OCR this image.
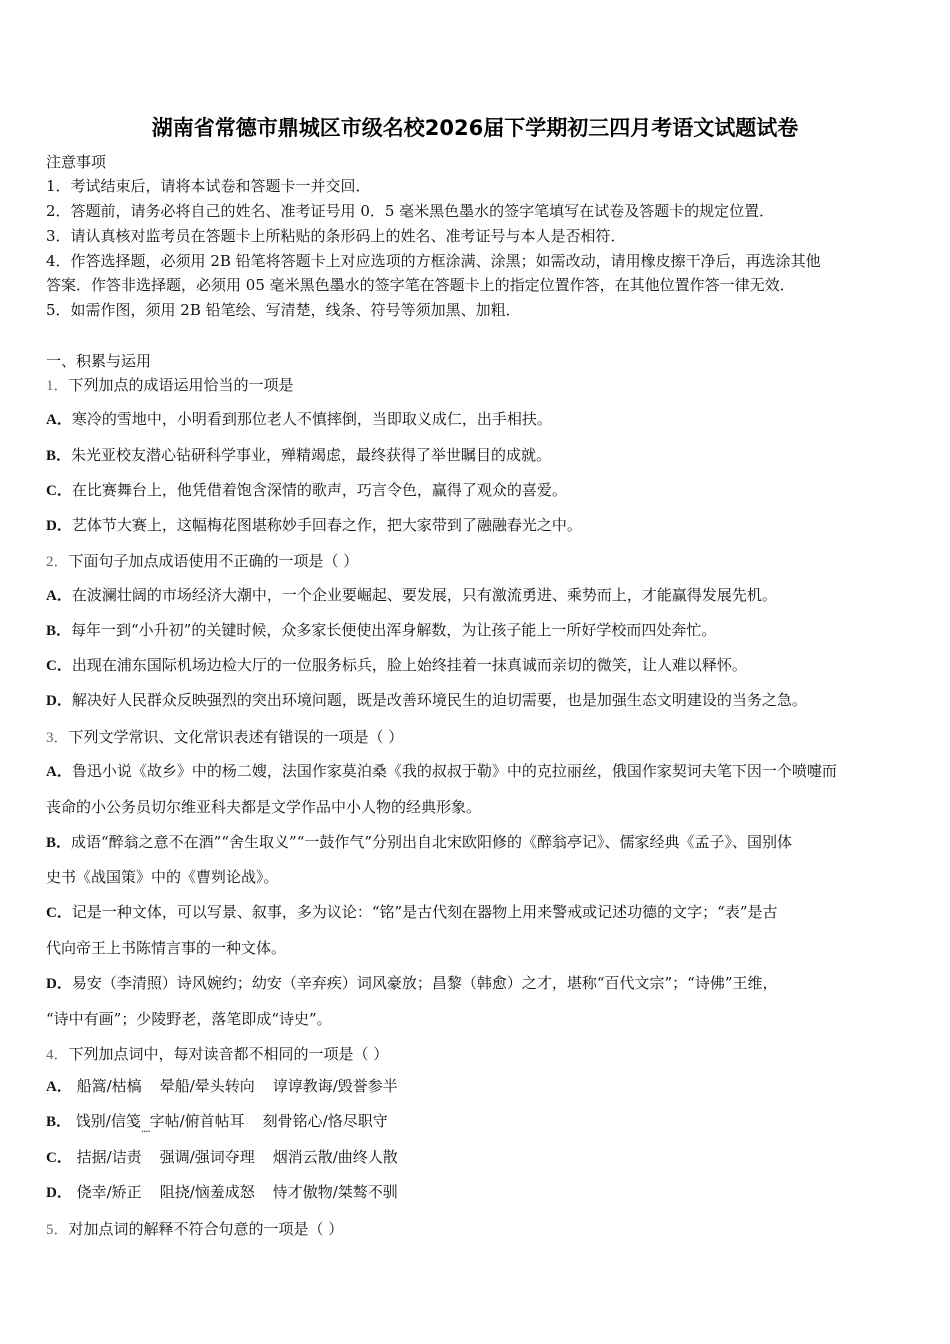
湖南省常德市鼎城区市级名校2026届下学期初三四月考语文试题试卷
注意事项
1．考试结束后，请将本试卷和答题卡一并交回．
2．答题前，请务必将自己的姓名、准考证号用 0．5 毫米黑色墨水的签字笔填写在试卷及答题卡的规定位置．
3．请认真核对监考员在答题卡上所粘贴的条形码上的姓名、准考证号与本人是否相符．
4．作答选择题，必须用 2B 铅笔将答题卡上对应选项的方框涂满、涂黑；如需改动，请用橡皮擦干净后，再选涂其他
答案．作答非选择题，必须用 05 毫米黑色墨水的签字笔在答题卡上的指定位置作答，在其他位置作答一律无效．
5．如需作图，须用 2B 铅笔绘、写清楚，线条、符号等须加黑、加粗．
一、积累与运用
1．下列加点的成语运用恰当的一项是
A．寒冷的雪地中，小明看到那位老人不慎摔倒，当即取义成仁，出手相扶。
B．朱光亚校友潜心钻研科学事业，殚精竭虑，最终获得了举世瞩目的成就。
C．在比赛舞台上，他凭借着饱含深情的歌声，巧言令色，赢得了观众的喜爱。
D．艺体节大赛上，这幅梅花图堪称妙手回春之作，把大家带到了融融春光之中。
2．下面句子加点成语使用不正确的一项是（ ）
A．在波澜壮阔的市场经济大潮中，一个企业要崛起、要发展，只有激流勇进、乘势而上，才能赢得发展先机。
B．每年一到“小升初”的关键时候，众多家长便使出浑身解数，为让孩子能上一所好学校而四处奔忙。
C．出现在浦东国际机场边检大厅的一位服务标兵，脸上始终挂着一抹真诚而亲切的微笑，让人难以释怀。
D．解决好人民群众反映强烈的突出环境问题，既是改善环境民生的迫切需要，也是加强生态文明建设的当务之急。
3．下列文学常识、文化常识表述有错误的一项是（ ）
A．鲁迅小说《故乡》中的杨二嫂，法国作家莫泊桑《我的叔叔于勒》中的克拉丽丝，俄国作家契诃夫笔下因一个喷嚏而
丧命的小公务员切尔维亚科夫都是文学作品中小人物的经典形象。
B．成语“醉翁之意不在酒”“舍生取义”“一鼓作气”分别出自北宋欧阳修的《醉翁亭记》、儒家经典《孟子》、国别体
史书《战国策》中的《曹刿论战》。
C．记是一种文体，可以写景、叙事，多为议论：“铭”是古代刻在器物上用来警戒或记述功德的文字；“表”是古
代向帝王上书陈情言事的一种文体。
D．易安（李清照）诗风婉约；幼安（辛弃疾）词风豪放；昌黎（韩愈）之才，堪称“百代文宗”；“诗佛”王维，
“诗中有画”；少陵野老，落笔即成“诗史”。
4．下列加点词中，每对读音都不相同的一项是（ ）
A． 船篙/枯槁 晕船/晕头转向 谆谆教诲/毁誉参半
B． 饯别/信笺$_{....}$字帖/俯首帖耳 刻骨铭心/恪尽职守
C． 拮据/诘责 强调/强词夺理 烟消云散/曲终人散
D． 侥幸/矫正 阻挠/恼羞成怒 恃才傲物/桀骜不驯
5．对加点词的解释不符合句意的一项是（ ）
